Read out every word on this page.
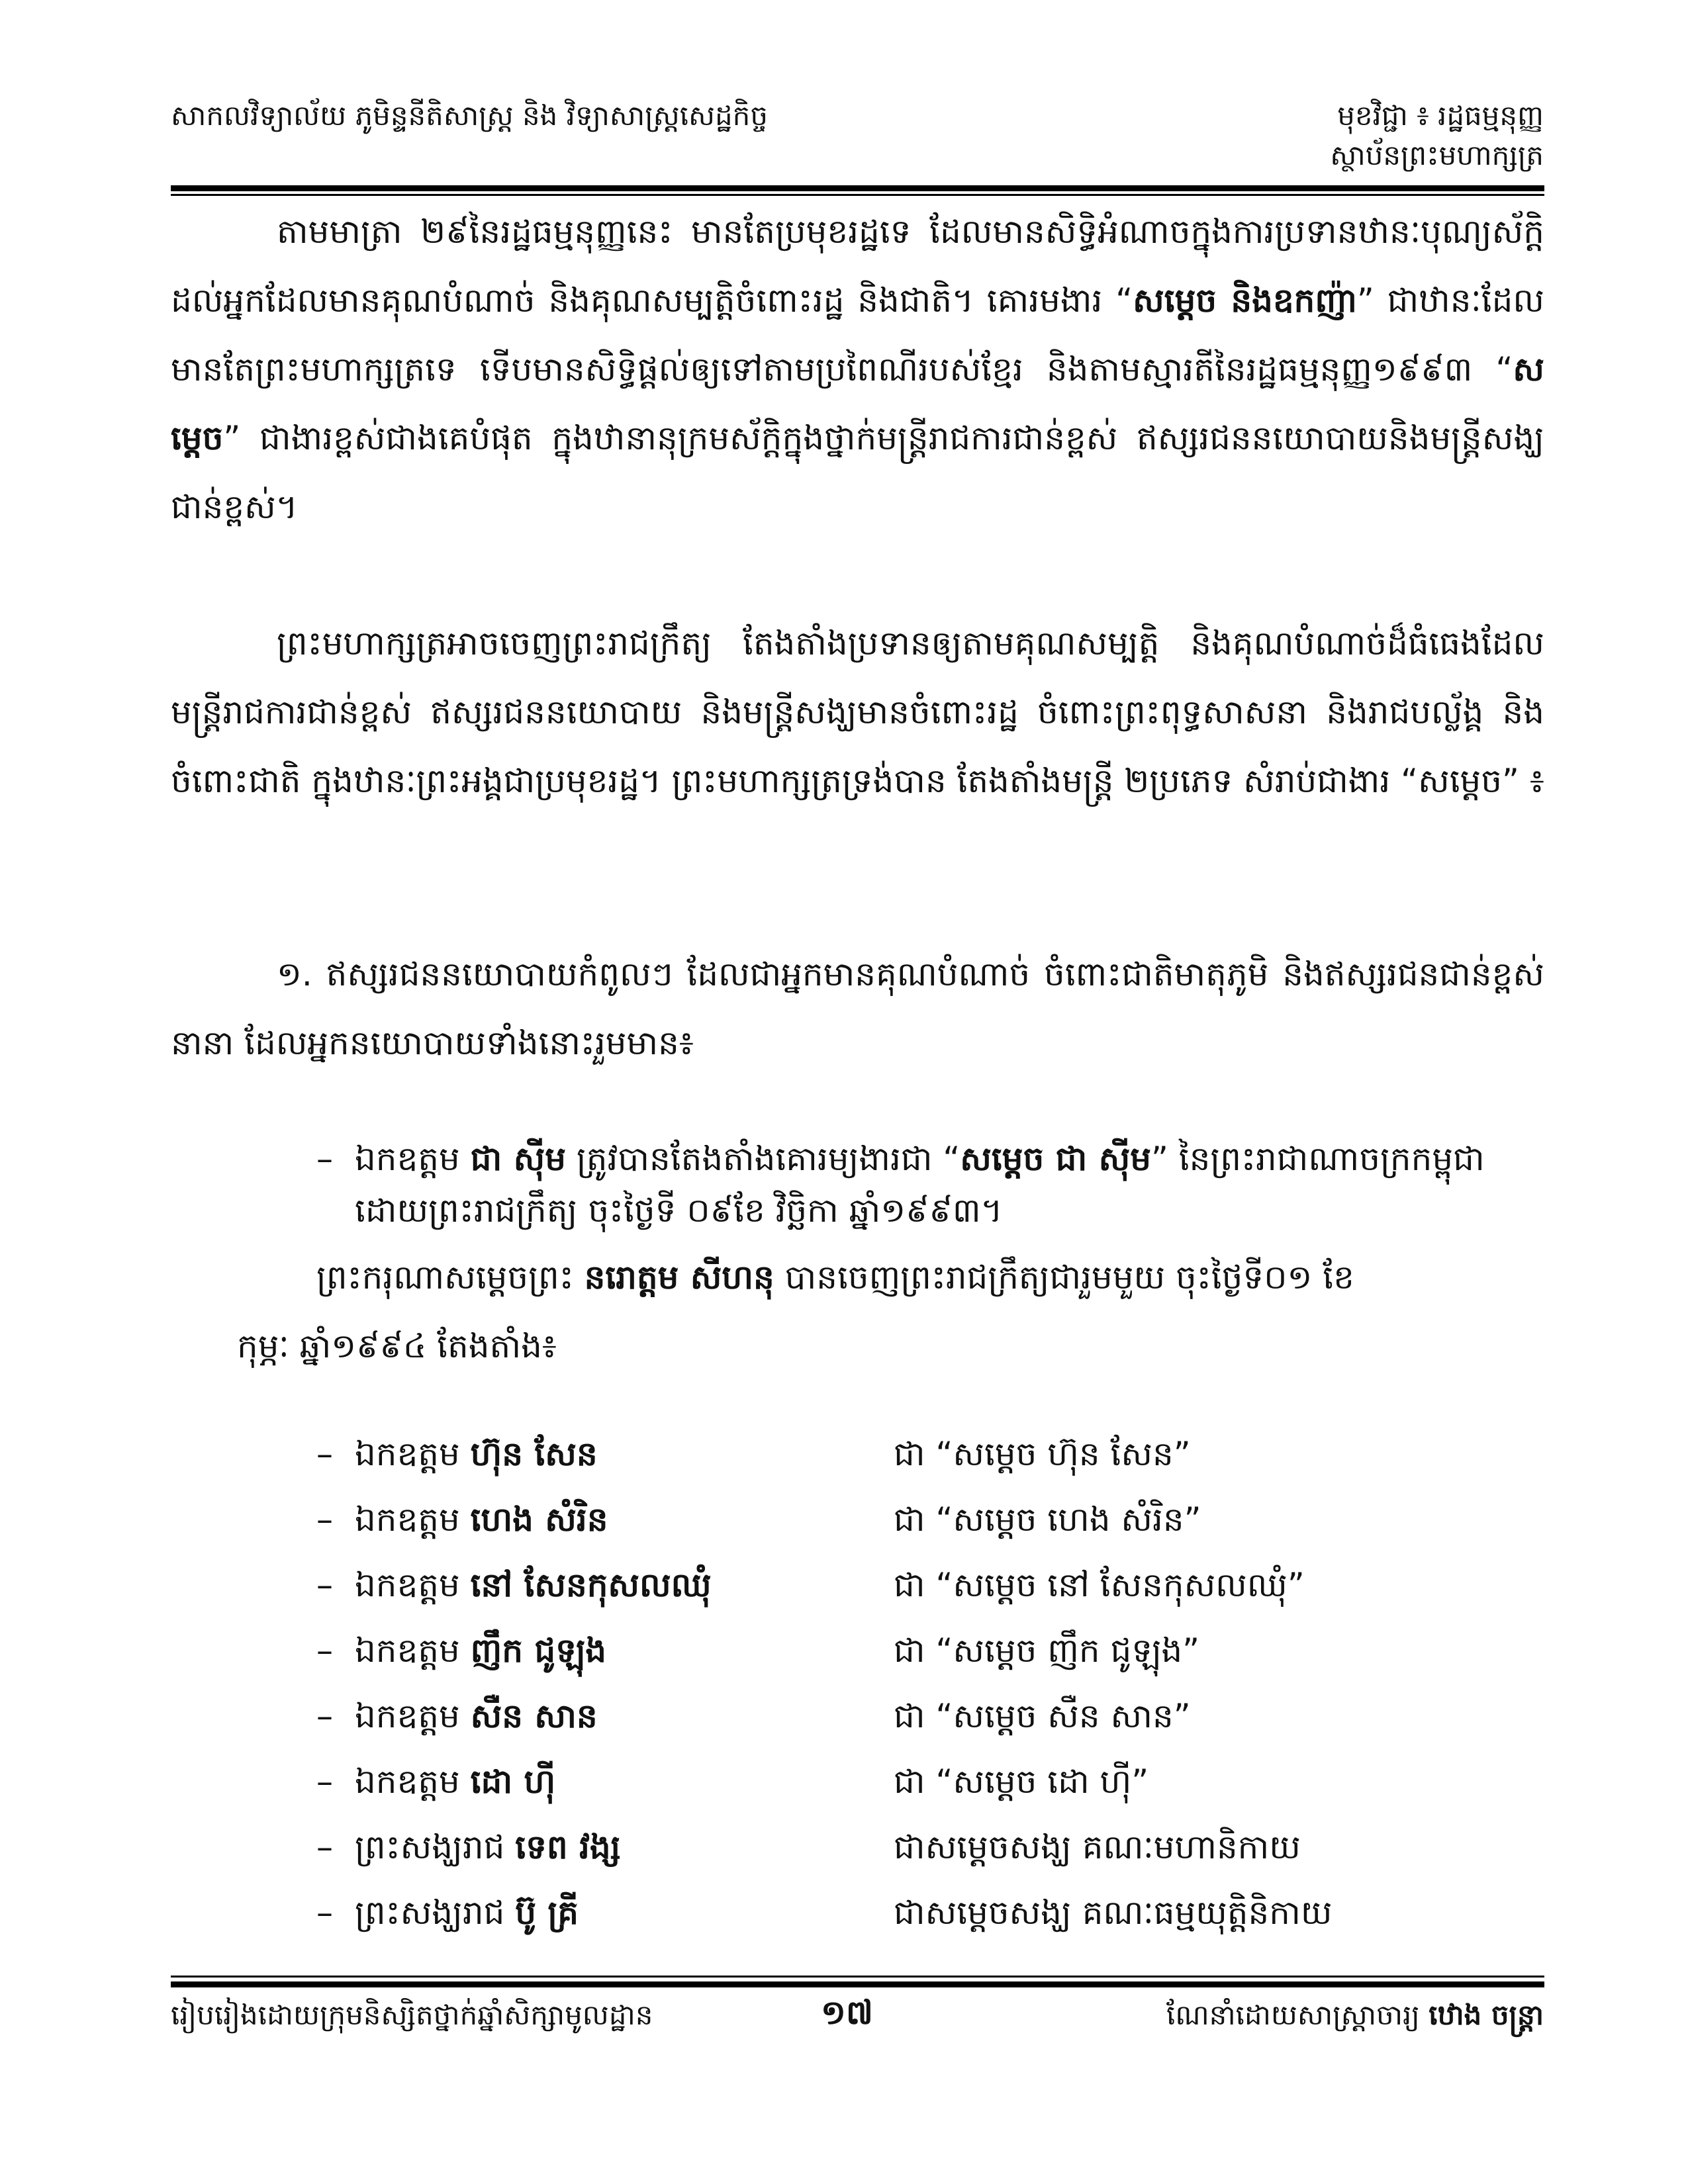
សាកលវិទ្យាល័យ ភូមិន្ទនីតិសាស្ត្រ និង វិទ្យាសាស្ត្រសេដ្ឋកិច្ច	មុខវិជ្ជា ៖ រដ្ឋធម្មនុញ្ញ
ស្ថាប័នព្រះមហាក្សត្រ

តាមមាត្រា ២៩នៃរដ្ឋធម្មនុញ្ញនេះ មានតែប្រមុខរដ្ឋទេ ដែលមានសិទ្ធិអំណាចក្នុងការប្រទានឋានៈបុណ្យស័ក្តិដល់អ្នកដែលមានគុណបំណាច់ និងគុណសម្បត្តិចំពោះរដ្ឋ និងជាតិ។ គោរមងារ “សម្តេច និងឧកញ៉ា” ជាឋានៈដែលមានតែព្រះមហាក្សត្រទេ ទើបមានសិទ្ធិផ្តល់ឲ្យទៅតាមប្រពៃណីរបស់ខ្មែរ និងតាមស្មារតីនៃរដ្ឋធម្មនុញ្ញ១៩៩៣ “សម្តេច” ជាងារខ្ពស់ជាងគេបំផុត ក្នុងឋានានុក្រមស័ក្តិក្នុងថ្នាក់មន្ត្រីរាជការជាន់ខ្ពស់ ឥស្សរជននយោបាយនិងមន្ត្រីសង្ឃជាន់ខ្ពស់។

ព្រះមហាក្សត្រអាចចេញព្រះរាជក្រឹត្យ តែងតាំងប្រទានឲ្យតាមគុណសម្បត្តិ និងគុណបំណាច់ដ៏ធំធេងដែលមន្ត្រីរាជការជាន់ខ្ពស់ ឥស្សរជននយោបាយ និងមន្ត្រីសង្ឃមានចំពោះរដ្ឋ ចំពោះព្រះពុទ្ធសាសនា និងរាជបល្ល័ង្គ និងចំពោះជាតិ ក្នុងឋានៈព្រះអង្គជាប្រមុខរដ្ឋ។ ព្រះមហាក្សត្រទ្រង់បាន តែងតាំងមន្ត្រី ២ប្រភេទ សំរាប់ជាងារ “សម្តេច” ៖

១. ឥស្សរជននយោបាយកំពូលៗ ដែលជាអ្នកមានគុណបំណាច់ ចំពោះជាតិមាតុភូមិ និងឥស្សរជនជាន់ខ្ពស់នានា ដែលអ្នកនយោបាយទាំងនោះរួមមាន៖

– ឯកឧត្តម ជា ស៊ីម ត្រូវបានតែងតាំងគោរម្យងារជា “សម្តេច ជា ស៊ីម” នៃព្រះរាជាណាចក្រកម្ពុជាដោយព្រះរាជក្រឹត្យ ចុះថ្ងៃទី ០៩ខែ វិច្ឆិកា ឆ្នាំ១៩៩៣។
ព្រះករុណាសម្តេចព្រះ នរោត្តម សីហនុ បានចេញព្រះរាជក្រឹត្យជារួមមួយ ចុះថ្ងៃទី០១ ខែ
កុម្ភៈ ឆ្នាំ១៩៩៤ តែងតាំង៖
– ឯកឧត្តម ហ៊ុន សែន	ជា “សម្តេច ហ៊ុន សែន”
– ឯកឧត្តម ហេង សំរិន	ជា “សម្តេច ហេង សំរិន”
– ឯកឧត្តម នៅ សែនកុសលឈុំ	ជា “សម្តេច នៅ សែនកុសលឈុំ”
– ឯកឧត្តម ញឹក ជូឡុង	ជា “សម្តេច ញឹក ជូឡុង”
– ឯកឧត្តម សឺន សាន	ជា “សម្តេច សឺន សាន”
– ឯកឧត្តម ដោ ហ៊ី	ជា “សម្តេច ដោ ហ៊ី”
– ព្រះសង្ឃរាជ ទេព វង្ស	ជាសម្តេចសង្ឃ គណៈមហានិកាយ
– ព្រះសង្ឃរាជ ប៊ូ គ្រី	ជាសម្តេចសង្ឃ គណៈធម្មយុត្តិនិកាយ
រៀបរៀងដោយក្រុមនិស្សិតថ្នាក់ឆ្នាំសិក្សាមូលដ្ឋាន	១៧	ណែនាំដោយសាស្ត្រាចារ្យ ឋោង ចន្ត្រា
